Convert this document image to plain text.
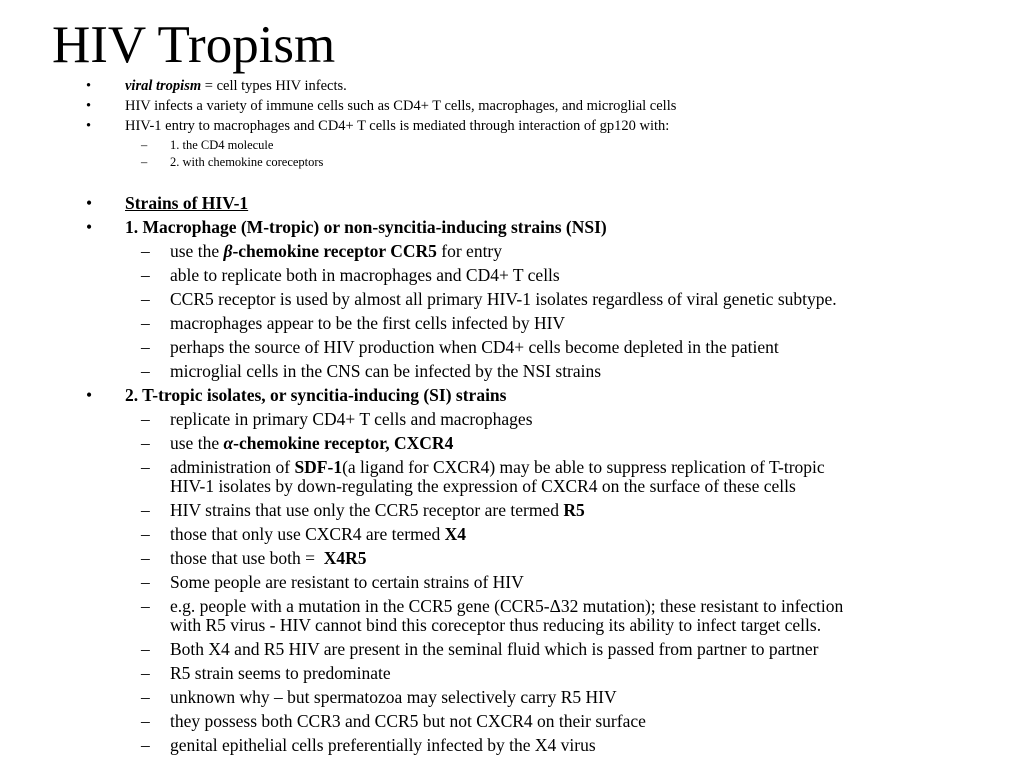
HIV Tropism
• viral tropism = cell types HIV infects.
• HIV infects a variety of immune cells such as CD4+ T cells, macrophages, and microglial cells
• HIV-1 entry to macrophages and CD4+ T cells is mediated through interaction of gp120 with:
– 1. the CD4 molecule
– 2. with chemokine coreceptors
• Strains of HIV-1
• 1. Macrophage (M-tropic) or non-syncitia-inducing strains (NSI)
– use the β-chemokine receptor CCR5 for entry
– able to replicate both in macrophages and CD4+ T cells
– CCR5 receptor is used by almost all primary HIV-1 isolates regardless of viral genetic subtype.
– macrophages appear to be the first cells infected by HIV
– perhaps the source of HIV production when CD4+ cells become depleted in the patient
– microglial cells in the CNS can be infected by the NSI strains
• 2. T-tropic isolates, or syncitia-inducing (SI) strains
– replicate in primary CD4+ T cells and macrophages
– use the α-chemokine receptor, CXCR4
– administration of SDF-1(a ligand for CXCR4) may be able to suppress replication of T-tropic
HIV-1 isolates by down-regulating the expression of CXCR4 on the surface of these cells
– HIV strains that use only the CCR5 receptor are termed R5
– those that only use CXCR4 are termed X4
– those that use both =  X4R5
– Some people are resistant to certain strains of HIV
– e.g. people with a mutation in the CCR5 gene (CCR5-Δ32 mutation); these resistant to infection
with R5 virus - HIV cannot bind this coreceptor thus reducing its ability to infect target cells.
– Both X4 and R5 HIV are present in the seminal fluid which is passed from partner to partner
– R5 strain seems to predominate
– unknown why – but spermatozoa may selectively carry R5 HIV
– they possess both CCR3 and CCR5 but not CXCR4 on their surface
– genital epithelial cells preferentially infected by the X4 virus
